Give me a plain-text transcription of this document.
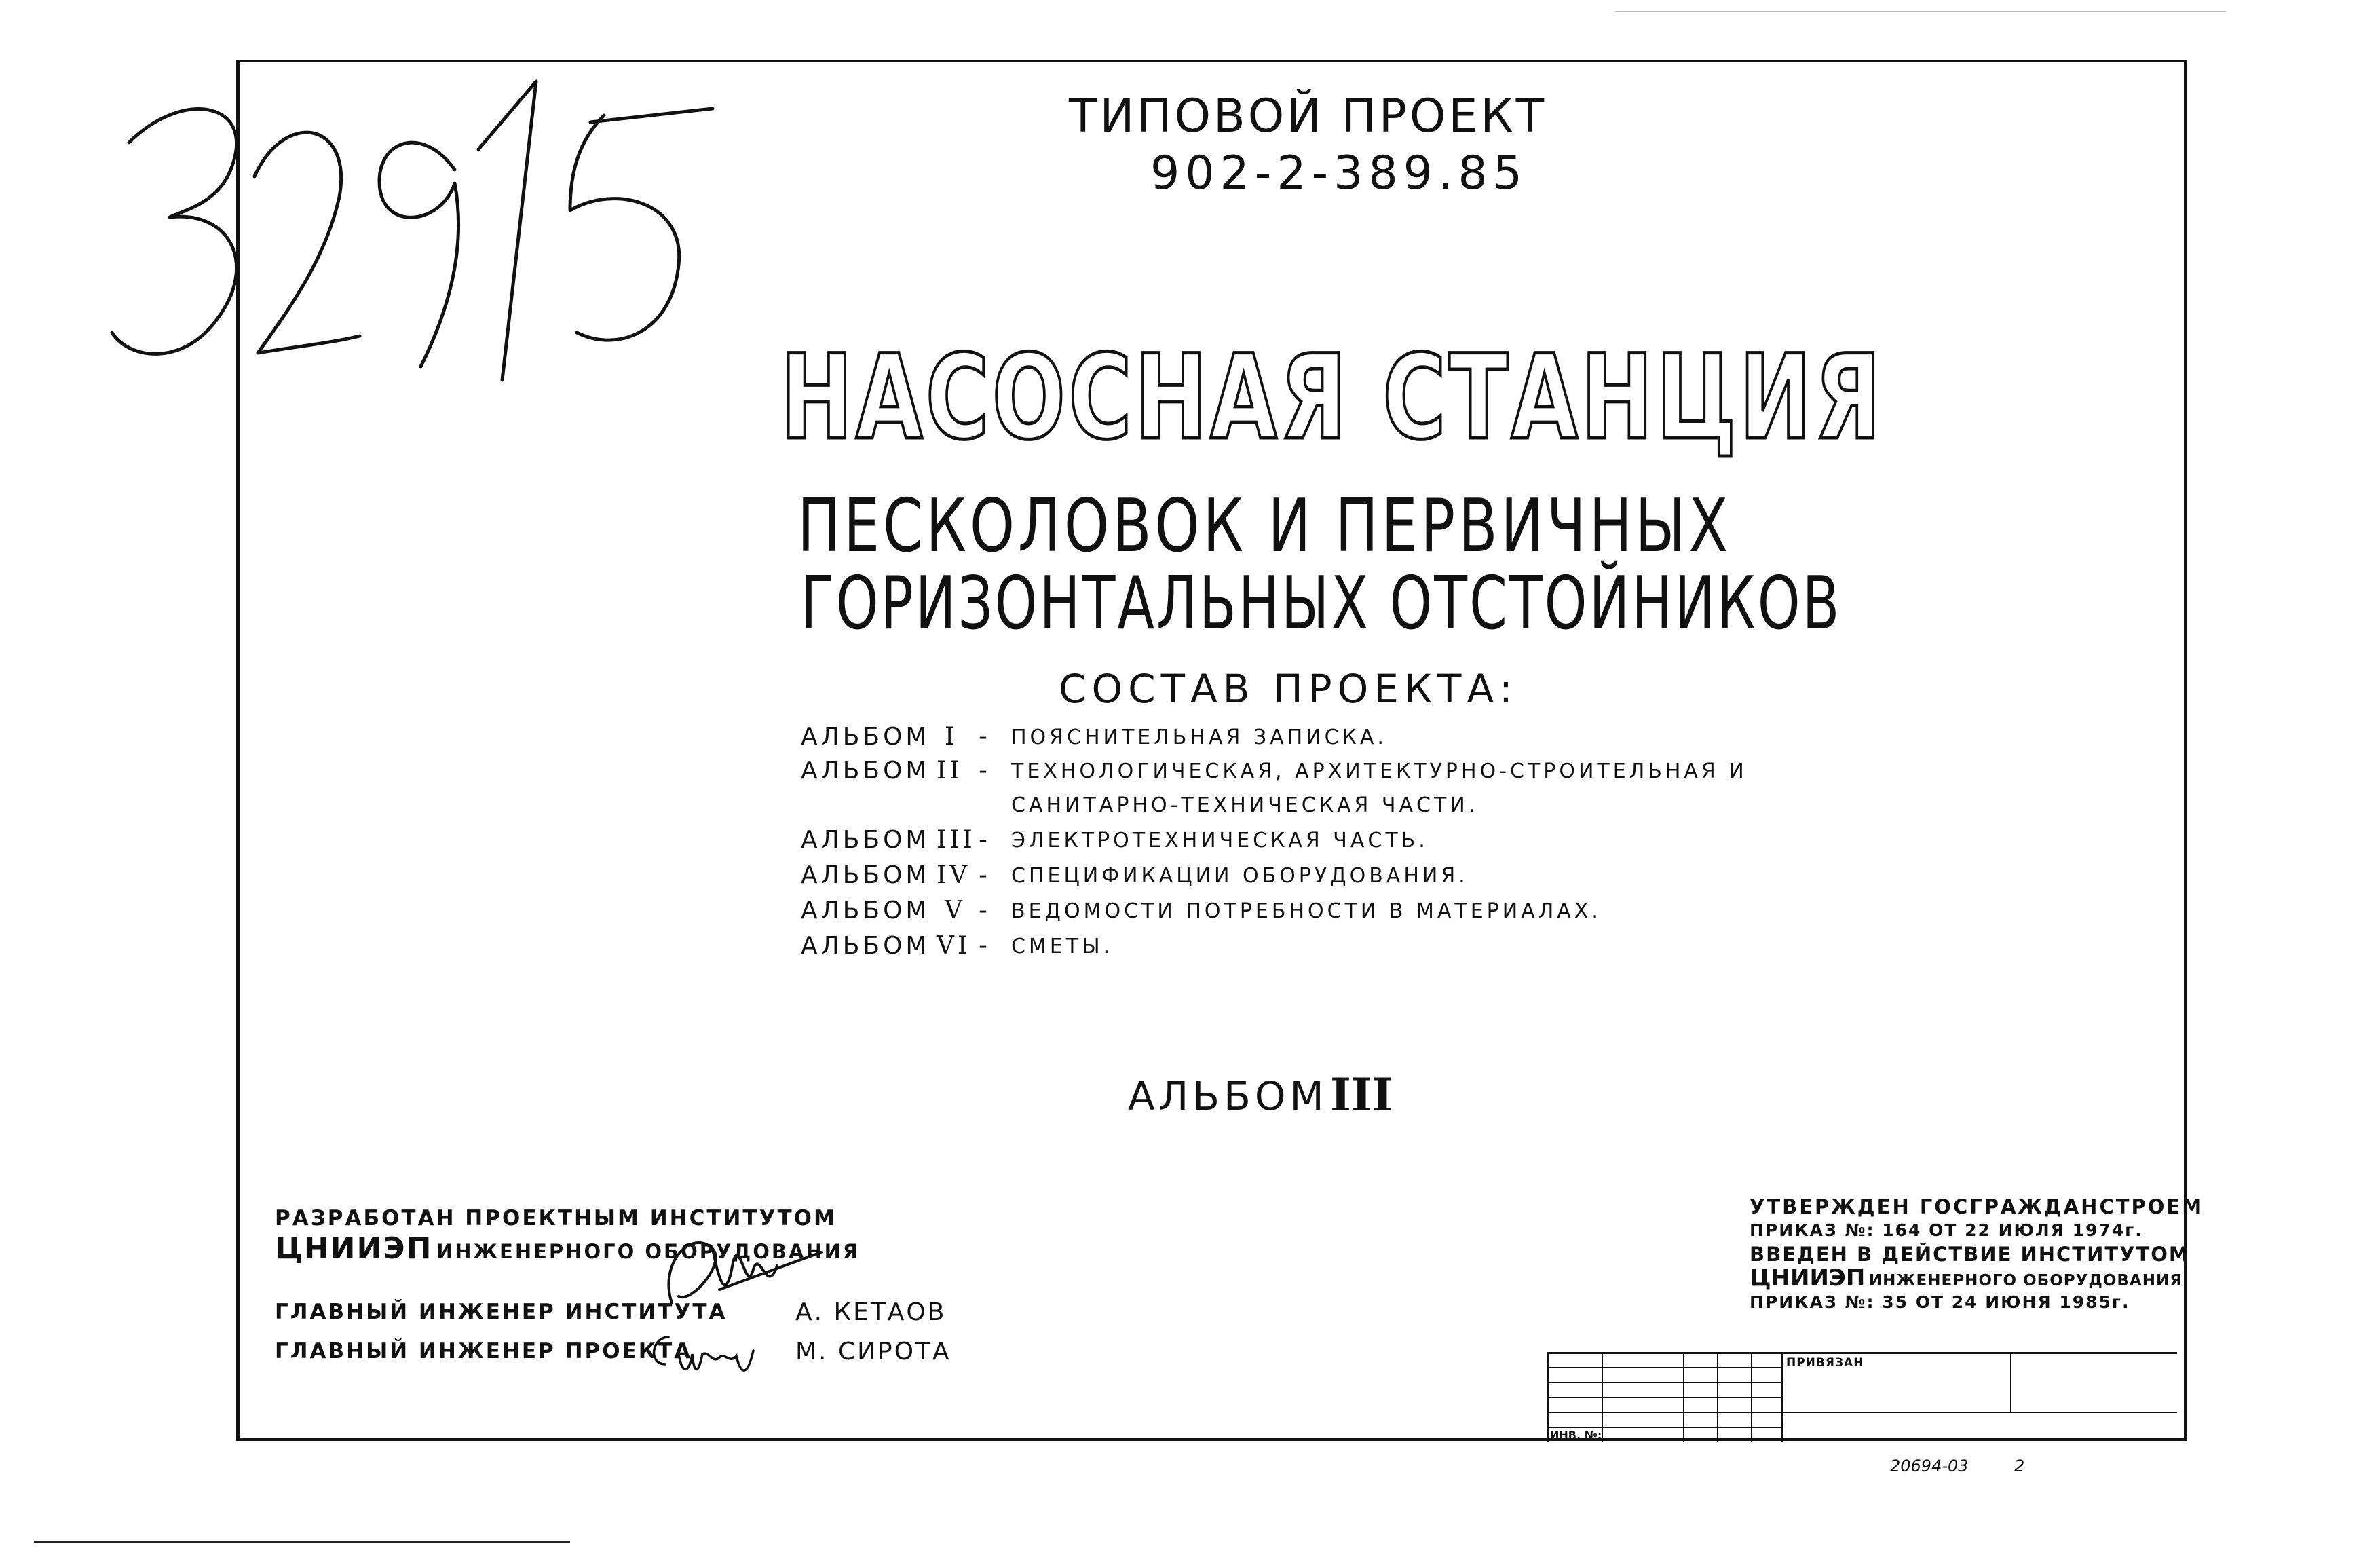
ТИПОВОЙ ПРОЕКТ
902-2-389.85
НАСОСНАЯ СТАНЦИЯ
ПЕСКОЛОВОК И ПЕРВИЧНЫХ
ГОРИЗОНТАЛЬНЫХ ОТСТОЙНИКОВ
СОСТАВ ПРОЕКТА:
АЛЬБОМ I - ПОЯСНИТЕЛЬНАЯ ЗАПИСКА.
АЛЬБОМ II - ТЕХНОЛОГИЧЕСКАЯ, АРХИТЕКТУРНО-СТРОИТЕЛЬНАЯ И
САНИТАРНО-ТЕХНИЧЕСКАЯ ЧАСТИ.
АЛЬБОМ III - ЭЛЕКТРОТЕХНИЧЕСКАЯ ЧАСТЬ.
АЛЬБОМ IV - СПЕЦИФИКАЦИИ ОБОРУДОВАНИЯ.
АЛЬБОМ V - ВЕДОМОСТИ ПОТРЕБНОСТИ В МАТЕРИАЛАХ.
АЛЬБОМ VI - СМЕТЫ.
АЛЬБОМ III
РАЗРАБОТАН ПРОЕКТНЫМ ИНСТИТУТОМ
ЦНИИЭП ИНЖЕНЕРНОГО ОБОРУДОВАНИЯ
ГЛАВНЫЙ ИНЖЕНЕР ИНСТИТУТА	А. КЕТАОВ
ГЛАВНЫЙ ИНЖЕНЕР ПРОЕКТА	М. СИРОТА
УТВЕРЖДЕН ГОСГРАЖДАНСТРОЕМ
ПРИКАЗ №: 164 ОТ 22 ИЮЛЯ 1974г.
ВВЕДЕН В ДЕЙСТВИЕ ИНСТИТУТОМ
ЦНИИЭП ИНЖЕНЕРНОГО ОБОРУДОВАНИЯ
ПРИКАЗ №: 35 ОТ 24 ИЮНЯ 1985г.
ПРИВЯЗАН
ИНВ. №:
20694-03	2
